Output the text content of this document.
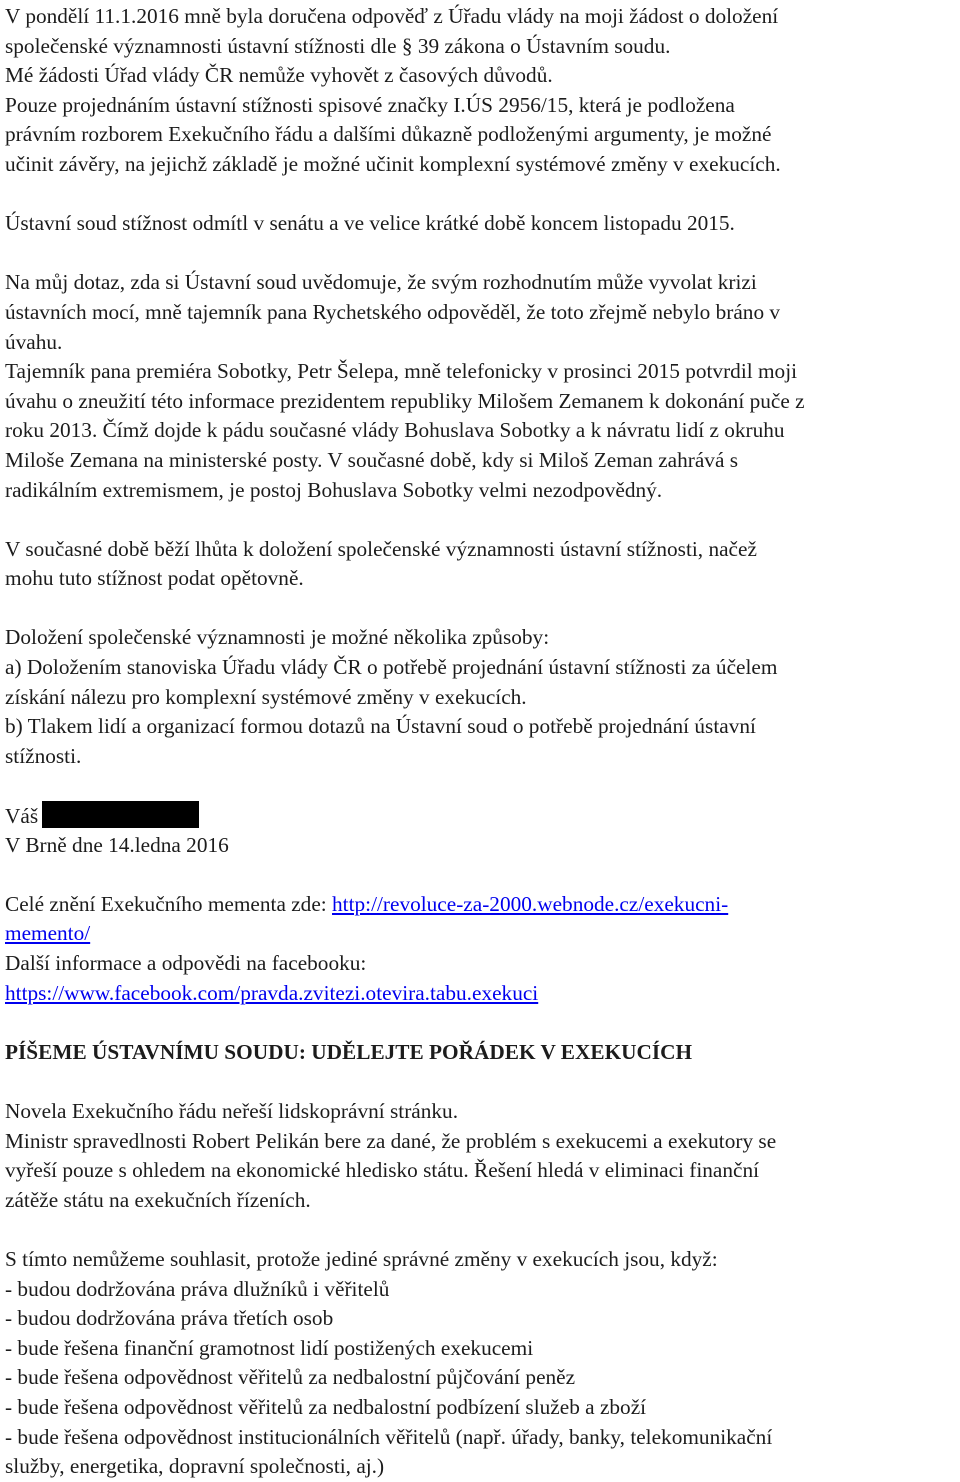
V pondělí 11.1.2016 mně byla doručena odpověď z Úřadu vlády na moji žádost o doložení
společenské významnosti ústavní stížnosti dle § 39 zákona o Ústavním soudu.
Mé žádosti Úřad vlády ČR nemůže vyhovět z časových důvodů.
Pouze projednáním ústavní stížnosti spisové značky I.ÚS 2956/15, která je podložena
právním rozborem Exekučního řádu a dalšími důkazně podloženými argumenty, je možné
učinit závěry, na jejichž základě je možné učinit komplexní systémové změny v exekucích.
Ústavní soud stížnost odmítl v senátu a ve velice krátké době koncem listopadu 2015.
Na můj dotaz, zda si Ústavní soud uvědomuje, že svým rozhodnutím může vyvolat krizi
ústavních mocí, mně tajemník pana Rychetského odpověděl, že toto zřejmě nebylo bráno v
úvahu.
Tajemník pana premiéra Sobotky, Petr Šelepa, mně telefonicky v prosinci 2015 potvrdil moji
úvahu o zneužití této informace prezidentem republiky Milošem Zemanem k dokonání puče z
roku 2013. Čímž dojde k pádu současné vlády Bohuslava Sobotky a k návratu lidí z okruhu
Miloše Zemana na ministerské posty. V současné době, kdy si Miloš Zeman zahrává s
radikálním extremismem, je postoj Bohuslava Sobotky velmi nezodpovědný.
V současné době běží lhůta k doložení společenské významnosti ústavní stížnosti, načež
mohu tuto stížnost podat opětovně.
Doložení společenské významnosti je možné několika způsoby:
a) Doložením stanoviska Úřadu vlády ČR o potřebě projednání ústavní stížnosti za účelem
získání nálezu pro komplexní systémové změny v exekucích.
b) Tlakem lidí a organizací formou dotazů na Ústavní soud o potřebě projednání ústavní
stížnosti.
Váš
V Brně dne 14.ledna 2016
Celé znění Exekučního mementa zde: http://revoluce-za-2000.webnode.cz/exekucni-
memento/
Další informace a odpovědi na facebooku:
https://www.facebook.com/pravda.zvitezi.otevira.tabu.exekuci
PÍŠEME ÚSTAVNÍMU SOUDU: UDĚLEJTE POŘÁDEK V EXEKUCÍCH
Novela Exekučního řádu neřeší lidskoprávní stránku.
Ministr spravedlnosti Robert Pelikán bere za dané, že problém s exekucemi a exekutory se
vyřeší pouze s ohledem na ekonomické hledisko státu. Řešení hledá v eliminaci finanční
zátěže státu na exekučních řízeních.
S tímto nemůžeme souhlasit, protože jediné správné změny v exekucích jsou, když:
- budou dodržována práva dlužníků i věřitelů
- budou dodržována práva třetích osob
- bude řešena finanční gramotnost lidí postižených exekucemi
- bude řešena odpovědnost věřitelů za nedbalostní půjčování peněz
- bude řešena odpovědnost věřitelů za nedbalostní podbízení služeb a zboží
- bude řešena odpovědnost institucionálních věřitelů (např. úřady, banky, telekomunikační
služby, energetika, dopravní společnosti, aj.)
